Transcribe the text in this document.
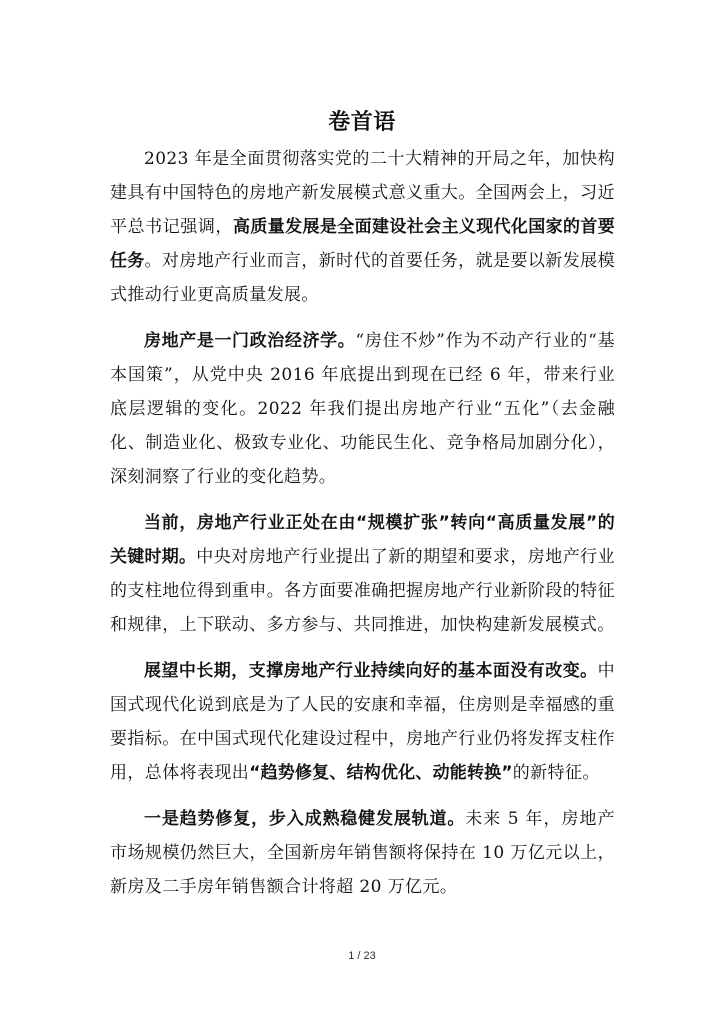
卷首语

2023 年是全面贯彻落实党的二十大精神的开局之年，加快构建具有中国特色的房地产新发展模式意义重大。全国两会上，习近平总书记强调，高质量发展是全面建设社会主义现代化国家的首要任务。对房地产行业而言，新时代的首要任务，就是要以新发展模式推动行业更高质量发展。

房地产是一门政治经济学。“房住不炒”作为不动产行业的“基本国策”，从党中央 2016 年底提出到现在已经 6 年，带来行业底层逻辑的变化。2022 年我们提出房地产行业“五化”（去金融化、制造业化、极致专业化、功能民生化、竞争格局加剧分化），深刻洞察了行业的变化趋势。

当前，房地产行业正处在由“规模扩张”转向“高质量发展”的关键时期。中央对房地产行业提出了新的期望和要求，房地产行业的支柱地位得到重申。各方面要准确把握房地产行业新阶段的特征和规律，上下联动、多方参与、共同推进，加快构建新发展模式。

展望中长期，支撑房地产行业持续向好的基本面没有改变。中国式现代化说到底是为了人民的安康和幸福，住房则是幸福感的重要指标。在中国式现代化建设过程中，房地产行业仍将发挥支柱作用，总体将表现出“趋势修复、结构优化、动能转换”的新特征。

一是趋势修复，步入成熟稳健发展轨道。未来 5 年，房地产市场规模仍然巨大，全国新房年销售额将保持在 10 万亿元以上，新房及二手房年销售额合计将超 20 万亿元。

1 / 23
